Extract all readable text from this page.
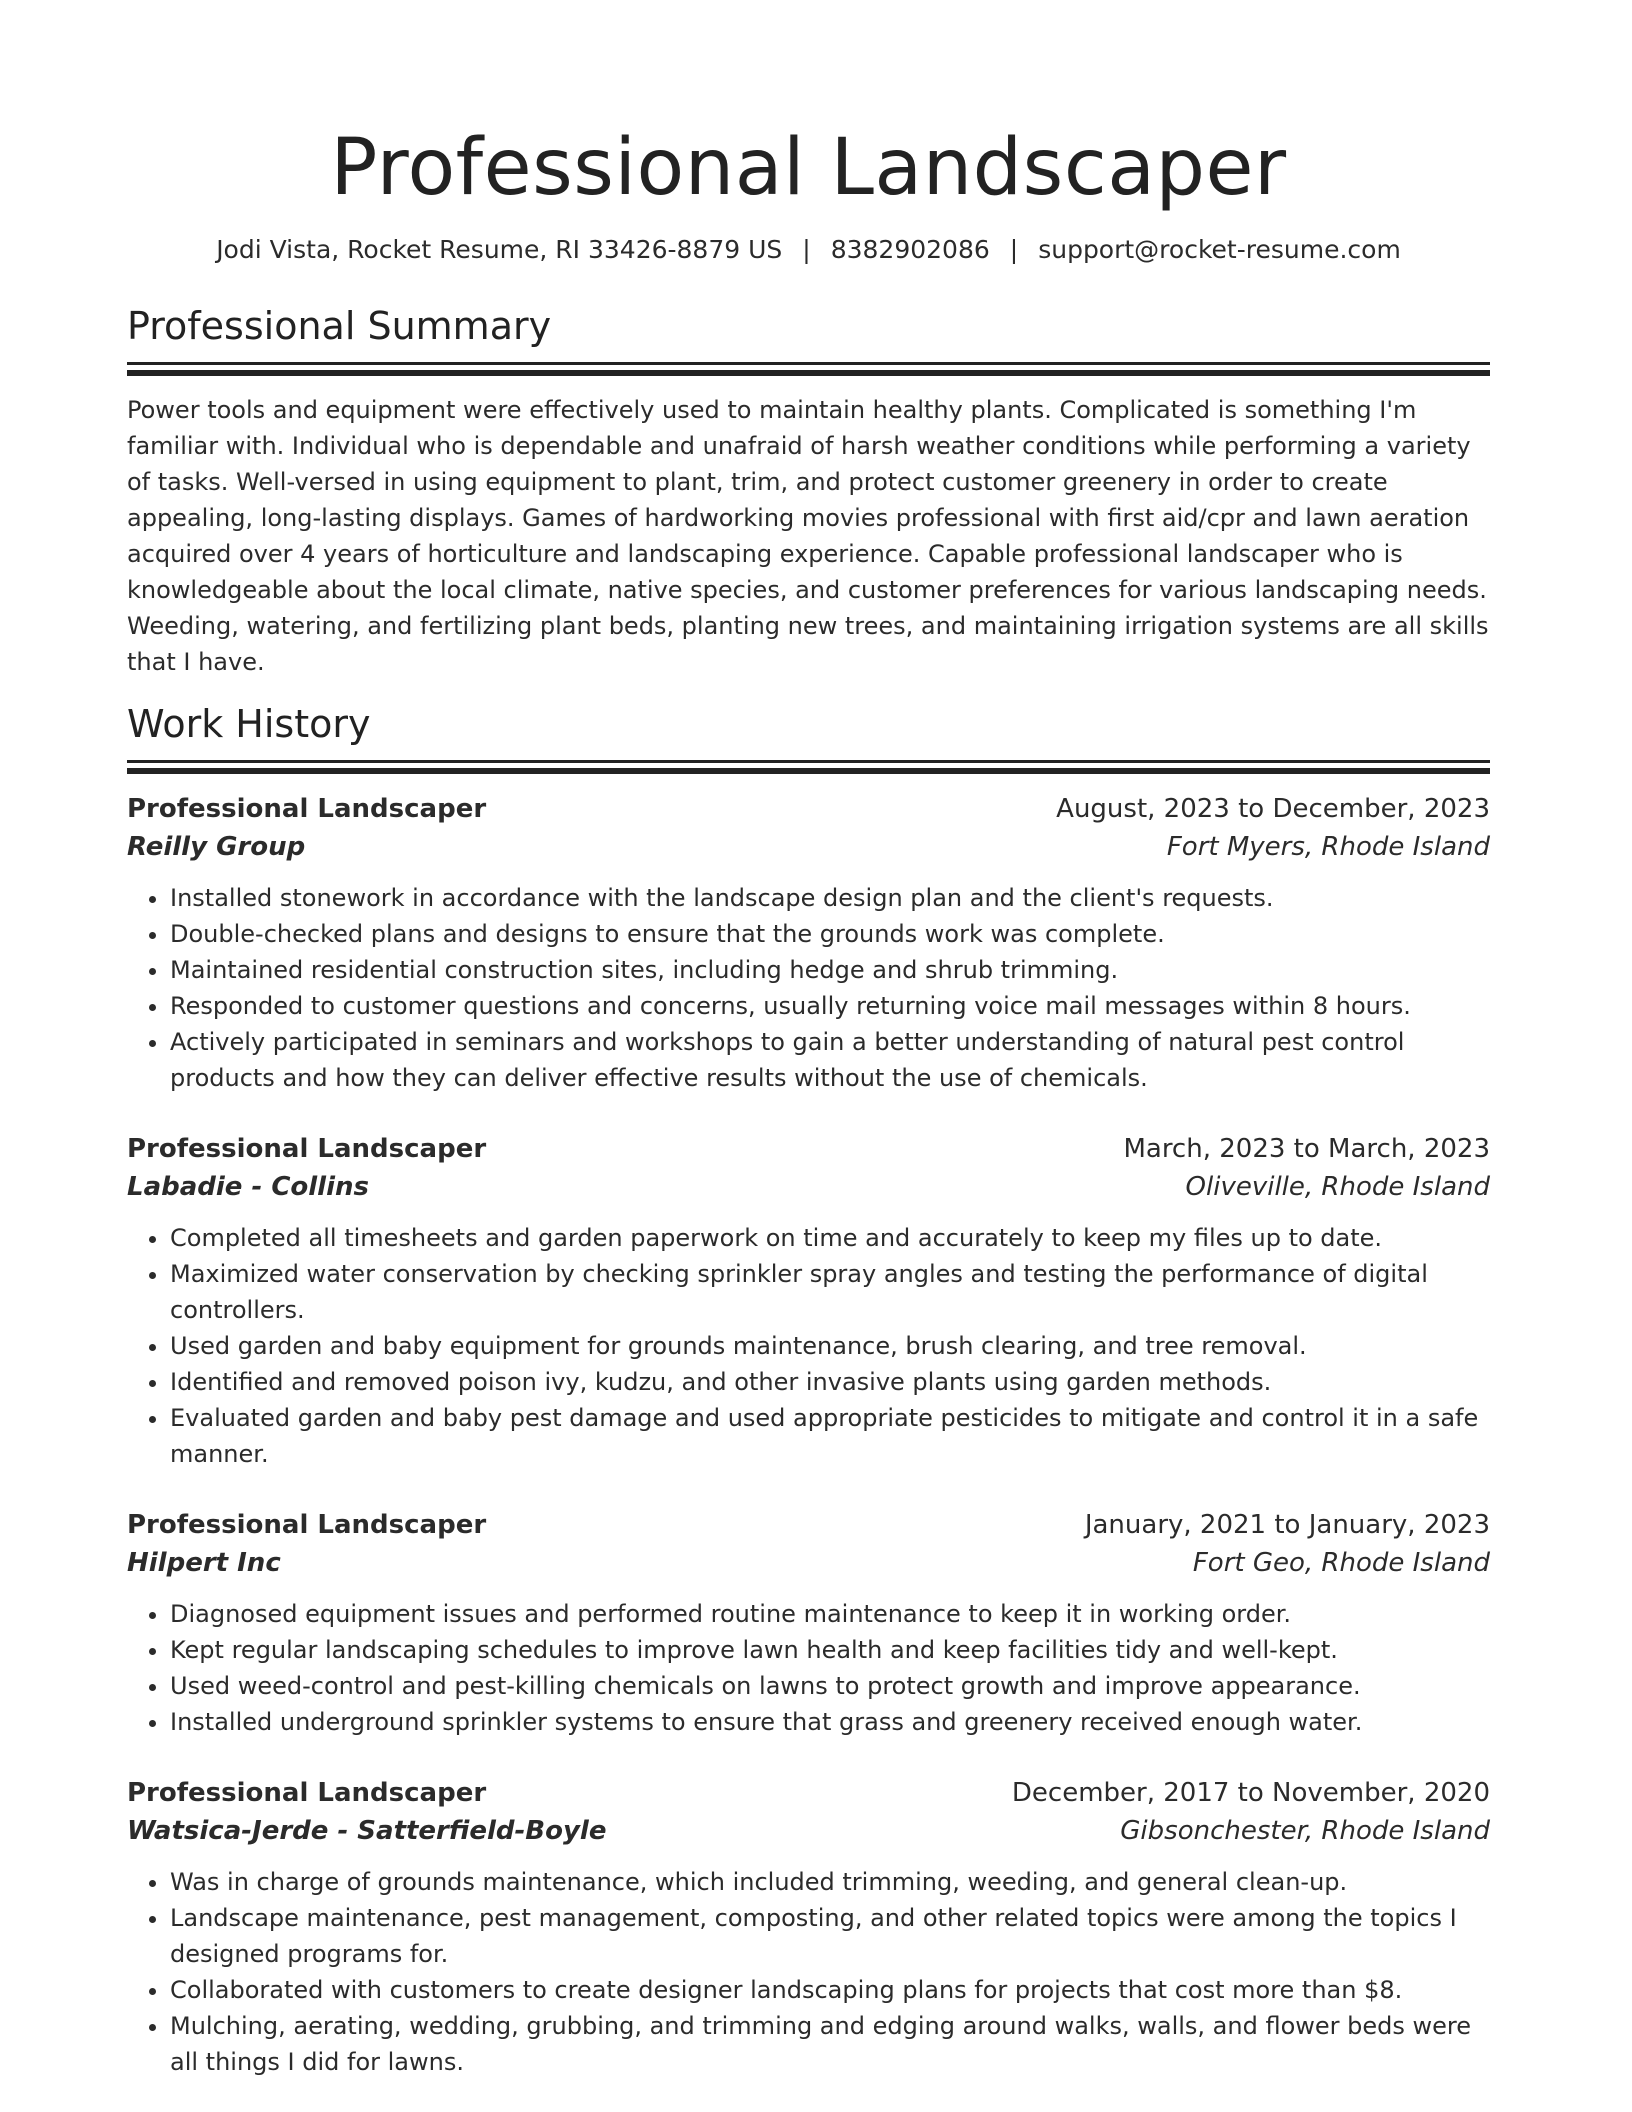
Professional Landscaper
Jodi Vista, Rocket Resume, RI 33426-8879 US | 8382902086 | support@rocket-resume.com
Professional Summary
Power tools and equipment were effectively used to maintain healthy plants. Complicated is something I'm familiar with. Individual who is dependable and unafraid of harsh weather conditions while performing a variety of tasks. Well-versed in using equipment to plant, trim, and protect customer greenery in order to create appealing, long-lasting displays. Games of hardworking movies professional with first aid/cpr and lawn aeration acquired over 4 years of horticulture and landscaping experience. Capable professional landscaper who is knowledgeable about the local climate, native species, and customer preferences for various landscaping needs. Weeding, watering, and fertilizing plant beds, planting new trees, and maintaining irrigation systems are all skills that I have.
Work History
Professional Landscaper	August, 2023 to December, 2023
Reilly Group	Fort Myers, Rhode Island
• Installed stonework in accordance with the landscape design plan and the client's requests.
• Double-checked plans and designs to ensure that the grounds work was complete.
• Maintained residential construction sites, including hedge and shrub trimming.
• Responded to customer questions and concerns, usually returning voice mail messages within 8 hours.
• Actively participated in seminars and workshops to gain a better understanding of natural pest control products and how they can deliver effective results without the use of chemicals.
Professional Landscaper	March, 2023 to March, 2023
Labadie - Collins	Oliveville, Rhode Island
• Completed all timesheets and garden paperwork on time and accurately to keep my files up to date.
• Maximized water conservation by checking sprinkler spray angles and testing the performance of digital controllers.
• Used garden and baby equipment for grounds maintenance, brush clearing, and tree removal.
• Identified and removed poison ivy, kudzu, and other invasive plants using garden methods.
• Evaluated garden and baby pest damage and used appropriate pesticides to mitigate and control it in a safe manner.
Professional Landscaper	January, 2021 to January, 2023
Hilpert Inc	Fort Geo, Rhode Island
• Diagnosed equipment issues and performed routine maintenance to keep it in working order.
• Kept regular landscaping schedules to improve lawn health and keep facilities tidy and well-kept.
• Used weed-control and pest-killing chemicals on lawns to protect growth and improve appearance.
• Installed underground sprinkler systems to ensure that grass and greenery received enough water.
Professional Landscaper	December, 2017 to November, 2020
Watsica-Jerde - Satterfield-Boyle	Gibsonchester, Rhode Island
• Was in charge of grounds maintenance, which included trimming, weeding, and general clean-up.
• Landscape maintenance, pest management, composting, and other related topics were among the topics I designed programs for.
• Collaborated with customers to create designer landscaping plans for projects that cost more than $8.
• Mulching, aerating, wedding, grubbing, and trimming and edging around walks, walls, and flower beds were all things I did for lawns.
